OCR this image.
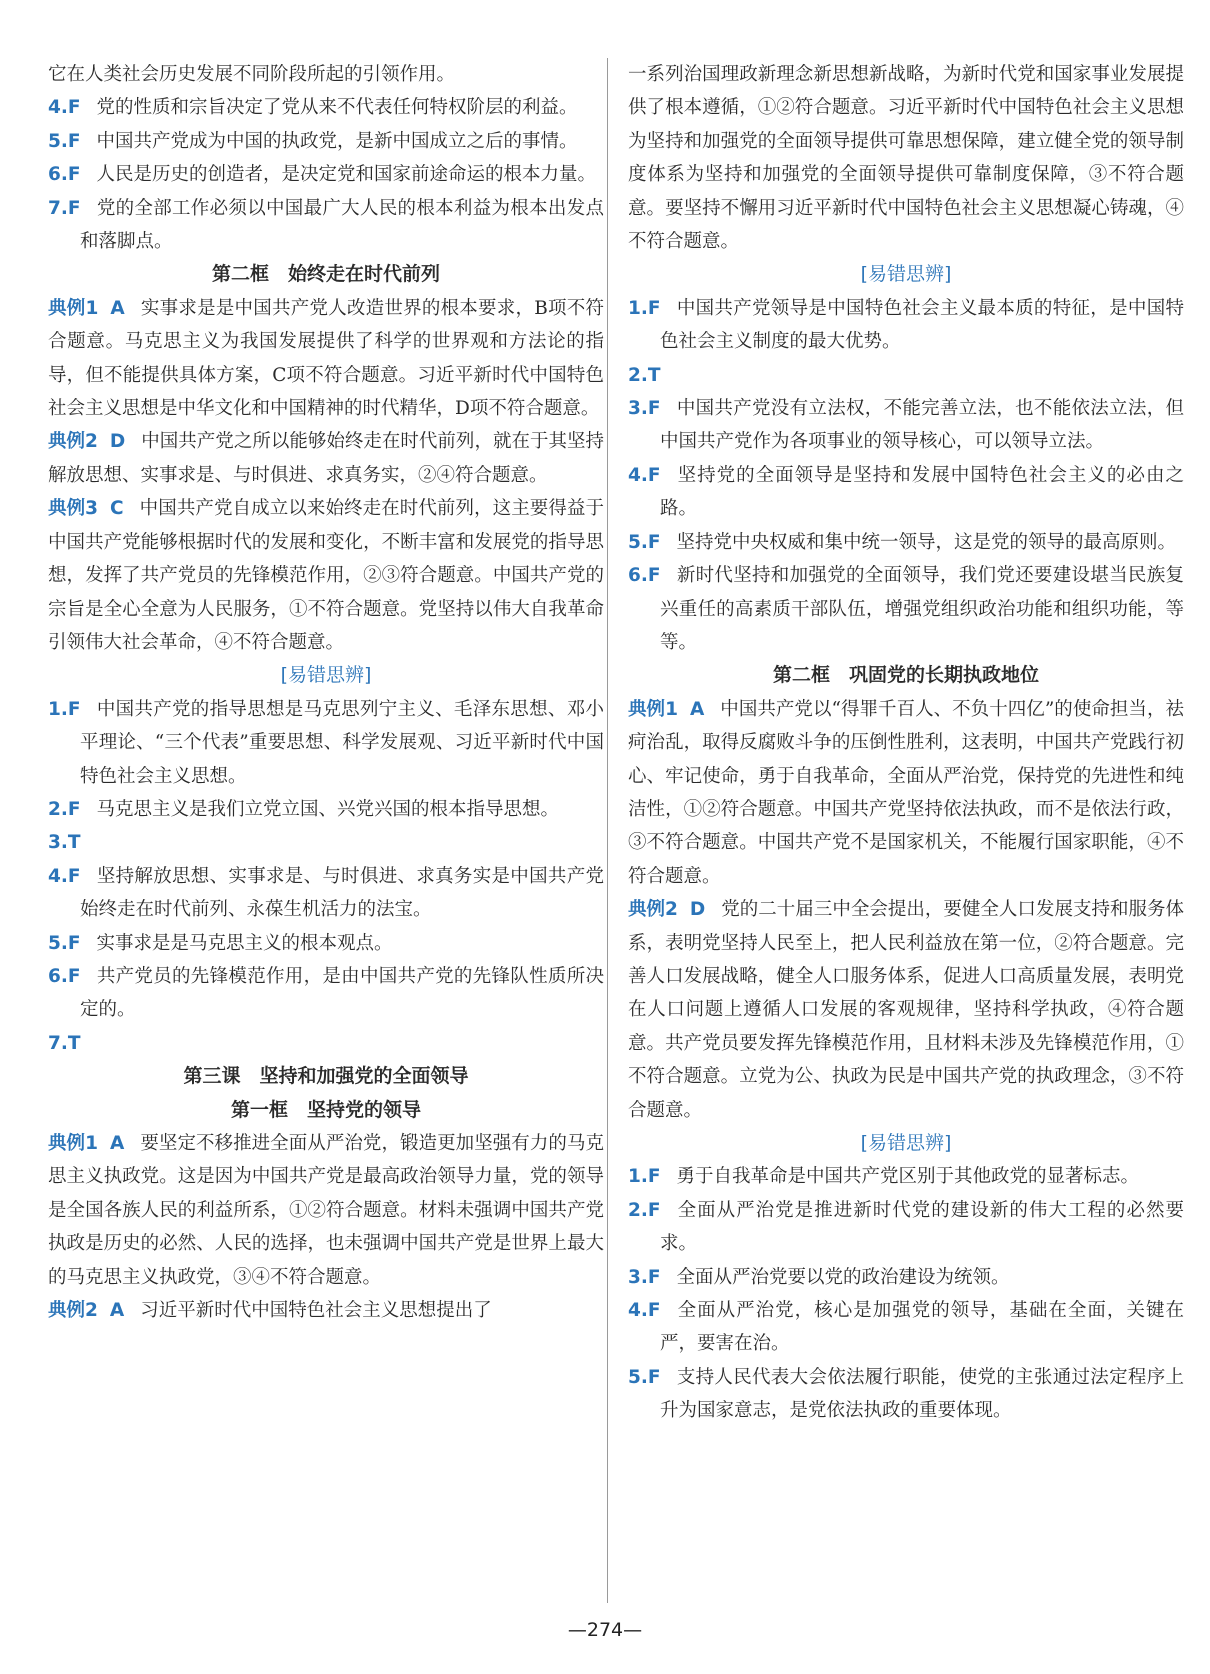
它在人类社会历史发展不同阶段所起的引领作用。

4.F 党的性质和宗旨决定了党从来不代表任何特权阶层的利益。

5.F 中国共产党成为中国的执政党，是新中国成立之后的事情。

6.F 人民是历史的创造者，是决定党和国家前途命运的根本力量。

7.F 党的全部工作必须以中国最广大人民的根本利益为根本出发点和落脚点。

第二框　始终走在时代前列

典例1 A 实事求是是中国共产党人改造世界的根本要求，B项不符合题意。马克思主义为我国发展提供了科学的世界观和方法论的指导，但不能提供具体方案，C项不符合题意。习近平新时代中国特色社会主义思想是中华文化和中国精神的时代精华，D项不符合题意。

典例2 D 中国共产党之所以能够始终走在时代前列，就在于其坚持解放思想、实事求是、与时俱进、求真务实，②④符合题意。

典例3 C 中国共产党自成立以来始终走在时代前列，这主要得益于中国共产党能够根据时代的发展和变化，不断丰富和发展党的指导思想，发挥了共产党员的先锋模范作用，②③符合题意。中国共产党的宗旨是全心全意为人民服务，①不符合题意。党坚持以伟大自我革命引领伟大社会革命，④不符合题意。

[易错思辨]

1.F 中国共产党的指导思想是马克思列宁主义、毛泽东思想、邓小平理论、“三个代表”重要思想、科学发展观、习近平新时代中国特色社会主义思想。

2.F 马克思主义是我们立党立国、兴党兴国的根本指导思想。

3.T

4.F 坚持解放思想、实事求是、与时俱进、求真务实是中国共产党始终走在时代前列、永葆生机活力的法宝。

5.F 实事求是是马克思主义的根本观点。

6.F 共产党员的先锋模范作用，是由中国共产党的先锋队性质所决定的。

7.T

第三课　坚持和加强党的全面领导

第一框　坚持党的领导

典例1 A 要坚定不移推进全面从严治党，锻造更加坚强有力的马克思主义执政党。这是因为中国共产党是最高政治领导力量，党的领导是全国各族人民的利益所系，①②符合题意。材料未强调中国共产党执政是历史的必然、人民的选择，也未强调中国共产党是世界上最大的马克思主义执政党，③④不符合题意。

典例2 A 习近平新时代中国特色社会主义思想提出了

一系列治国理政新理念新思想新战略，为新时代党和国家事业发展提供了根本遵循，①②符合题意。习近平新时代中国特色社会主义思想为坚持和加强党的全面领导提供可靠思想保障，建立健全党的领导制度体系为坚持和加强党的全面领导提供可靠制度保障，③不符合题意。要坚持不懈用习近平新时代中国特色社会主义思想凝心铸魂，④不符合题意。

[易错思辨]

1.F 中国共产党领导是中国特色社会主义最本质的特征，是中国特色社会主义制度的最大优势。

2.T

3.F 中国共产党没有立法权，不能完善立法，也不能依法立法，但中国共产党作为各项事业的领导核心，可以领导立法。

4.F 坚持党的全面领导是坚持和发展中国特色社会主义的必由之路。

5.F 坚持党中央权威和集中统一领导，这是党的领导的最高原则。

6.F 新时代坚持和加强党的全面领导，我们党还要建设堪当民族复兴重任的高素质干部队伍，增强党组织政治功能和组织功能，等等。

第二框　巩固党的长期执政地位

典例1 A 中国共产党以“得罪千百人、不负十四亿”的使命担当，祛疴治乱，取得反腐败斗争的压倒性胜利，这表明，中国共产党践行初心、牢记使命，勇于自我革命，全面从严治党，保持党的先进性和纯洁性，①②符合题意。中国共产党坚持依法执政，而不是依法行政，③不符合题意。中国共产党不是国家机关，不能履行国家职能，④不符合题意。

典例2 D 党的二十届三中全会提出，要健全人口发展支持和服务体系，表明党坚持人民至上，把人民利益放在第一位，②符合题意。完善人口发展战略，健全人口服务体系，促进人口高质量发展，表明党在人口问题上遵循人口发展的客观规律，坚持科学执政，④符合题意。共产党员要发挥先锋模范作用，且材料未涉及先锋模范作用，①不符合题意。立党为公、执政为民是中国共产党的执政理念，③不符合题意。

[易错思辨]

1.F 勇于自我革命是中国共产党区别于其他政党的显著标志。

2.F 全面从严治党是推进新时代党的建设新的伟大工程的必然要求。

3.F 全面从严治党要以党的政治建设为统领。

4.F 全面从严治党，核心是加强党的领导，基础在全面，关键在严，要害在治。

5.F 支持人民代表大会依法履行职能，使党的主张通过法定程序上升为国家意志，是党依法执政的重要体现。

—274—
